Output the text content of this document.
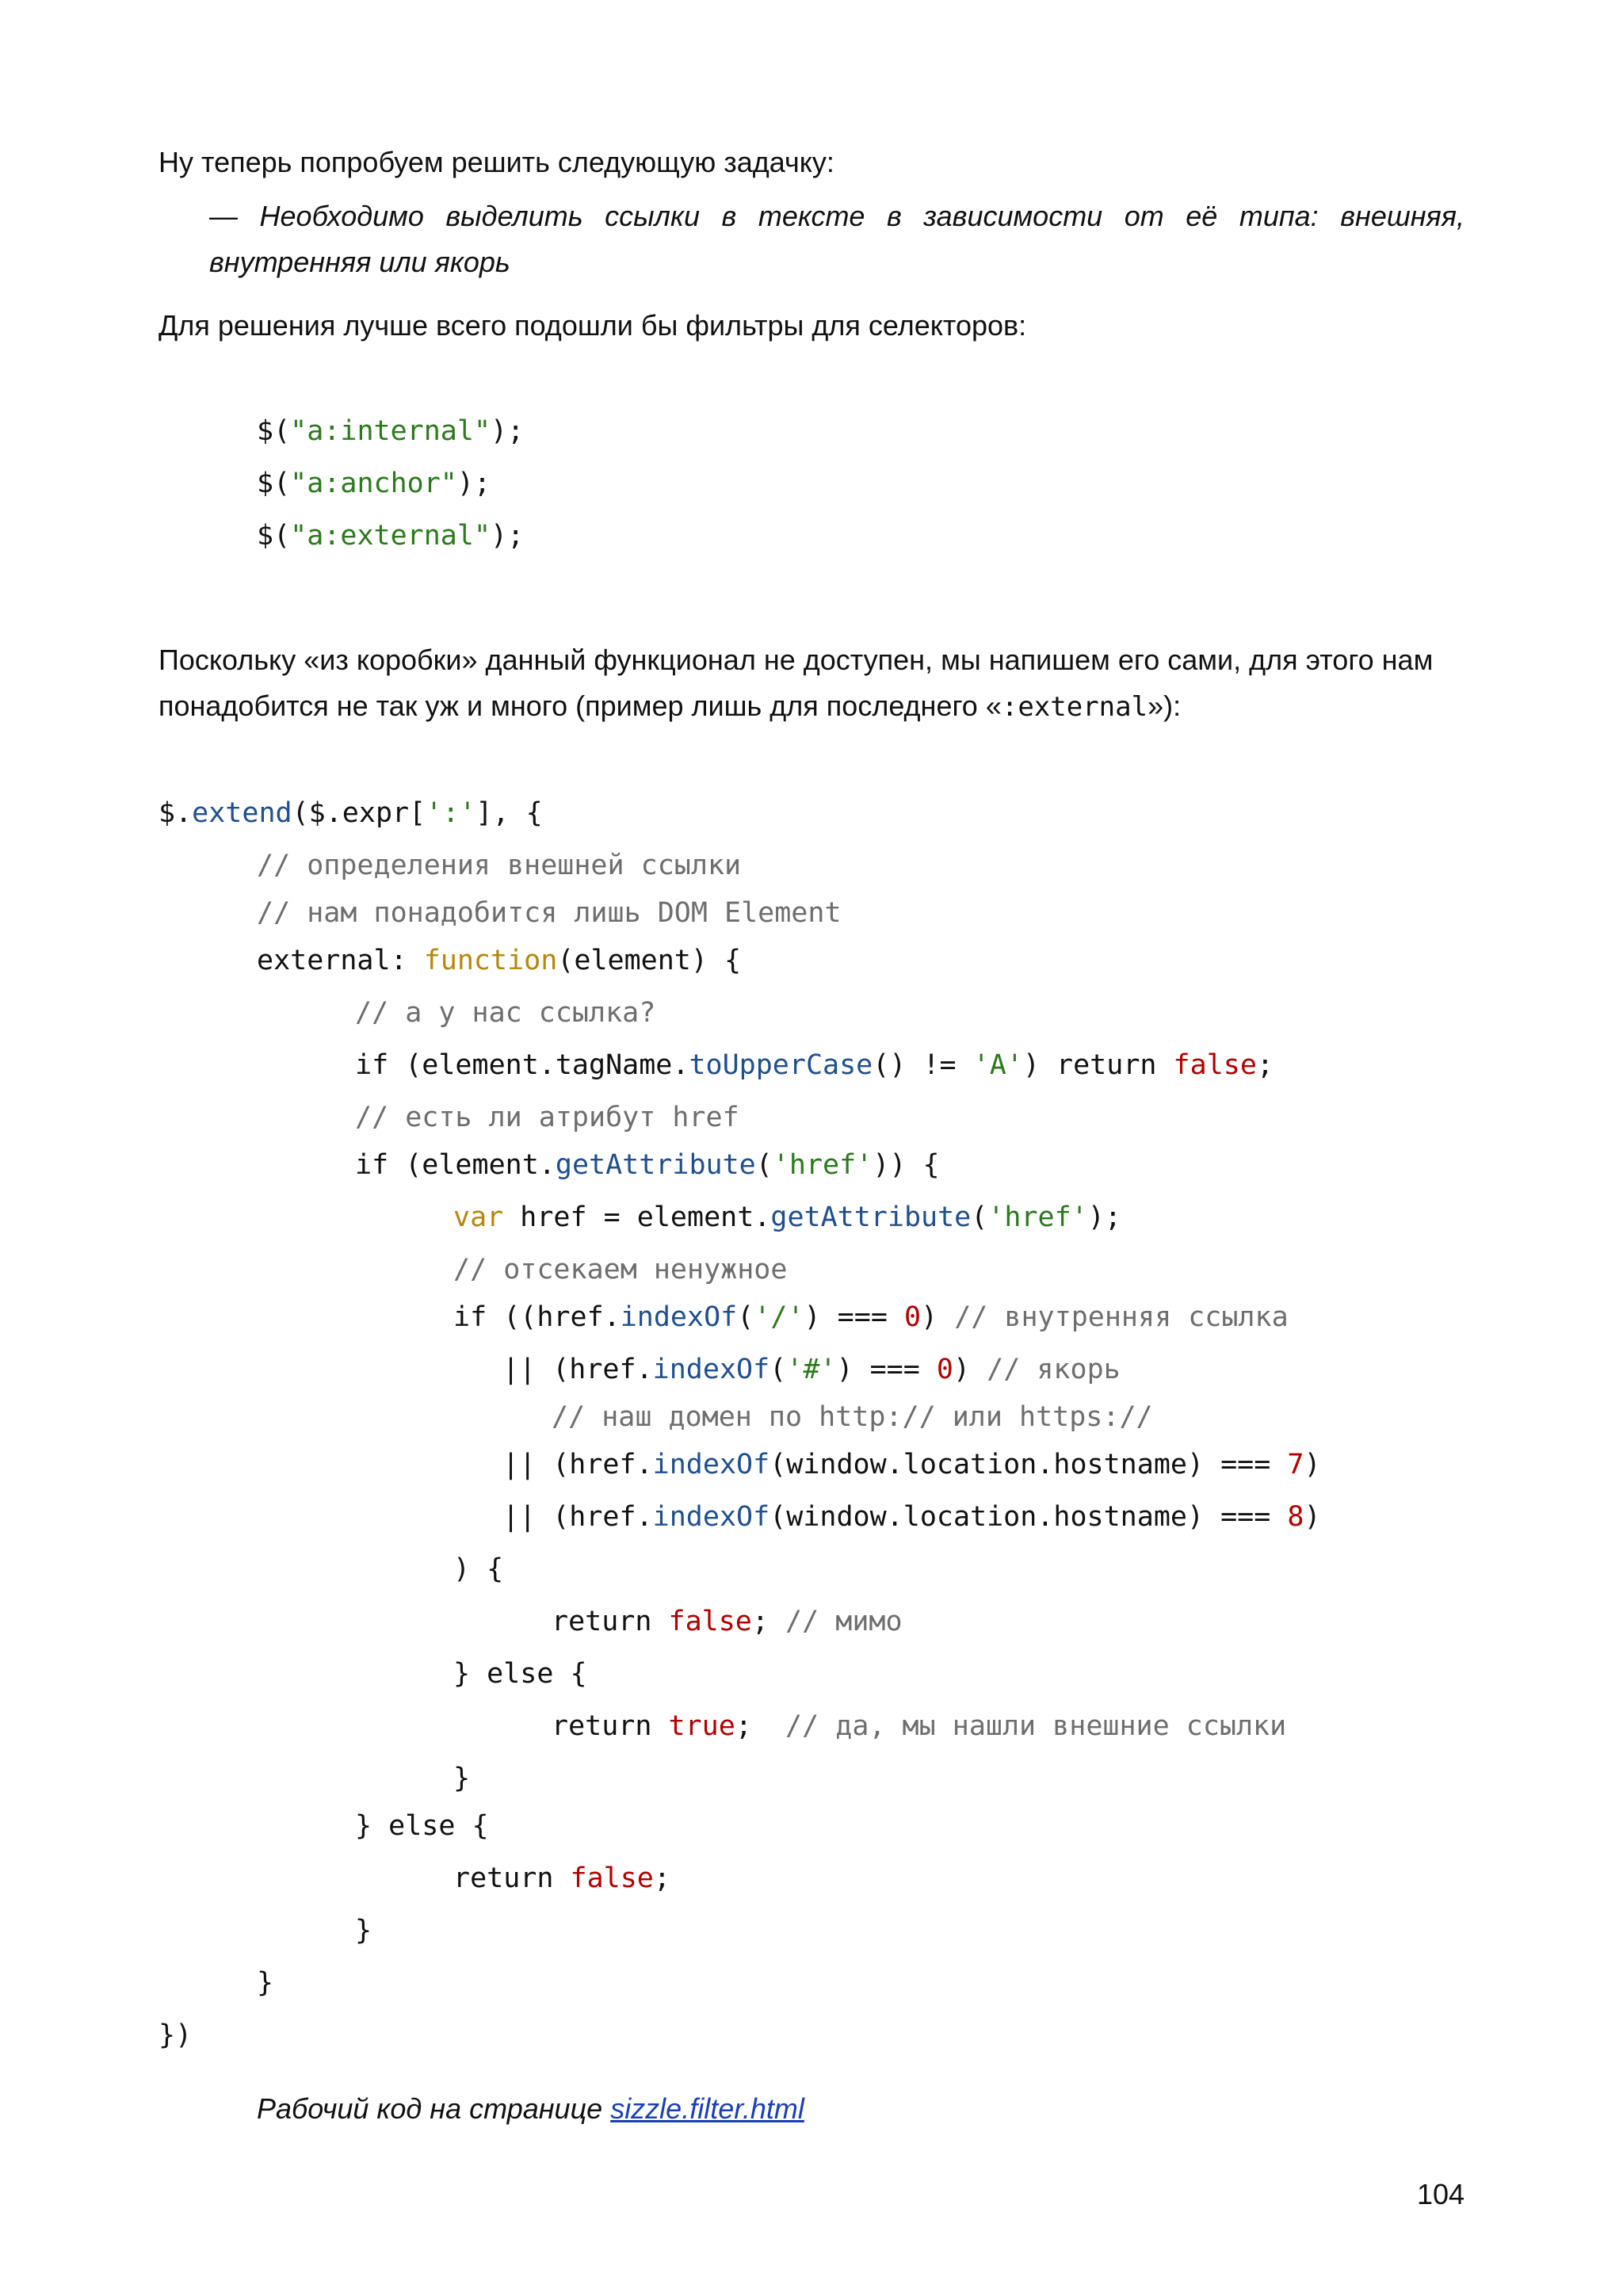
Ну теперь попробуем решить следующую задачку:

— Необходимо выделить ссылки в тексте в зависимости от её типа: внешняя, внутренняя или якорь

Для решения лучше всего подошли бы фильтры для селекторов:

$("a:internal");
$("a:anchor");
$("a:external");

Поскольку «из коробки» данный функционал не доступен, мы напишем его сами, для этого нам понадобится не так уж и много (пример лишь для последнего «:external»):

$.extend($.expr[':'], {
// определения внешней ссылки
// нам понадобится лишь DOM Element
external: function(element) {
// а у нас ссылка?
if (element.tagName.toUpperCase() != 'A') return false;
// есть ли атрибут href
if (element.getAttribute('href')) {
var href = element.getAttribute('href');
// отсекаем ненужное
if ((href.indexOf('/') === 0) // внутренняя ссылка
|| (href.indexOf('#') === 0) // якорь
// наш домен по http:// или https://
|| (href.indexOf(window.location.hostname) === 7)
|| (href.indexOf(window.location.hostname) === 8)
) {
return false; // мимо
} else {
return true;  // да, мы нашли внешние ссылки
}
} else {
return false;
}
}
})

Рабочий код на странице sizzle.filter.html

104
